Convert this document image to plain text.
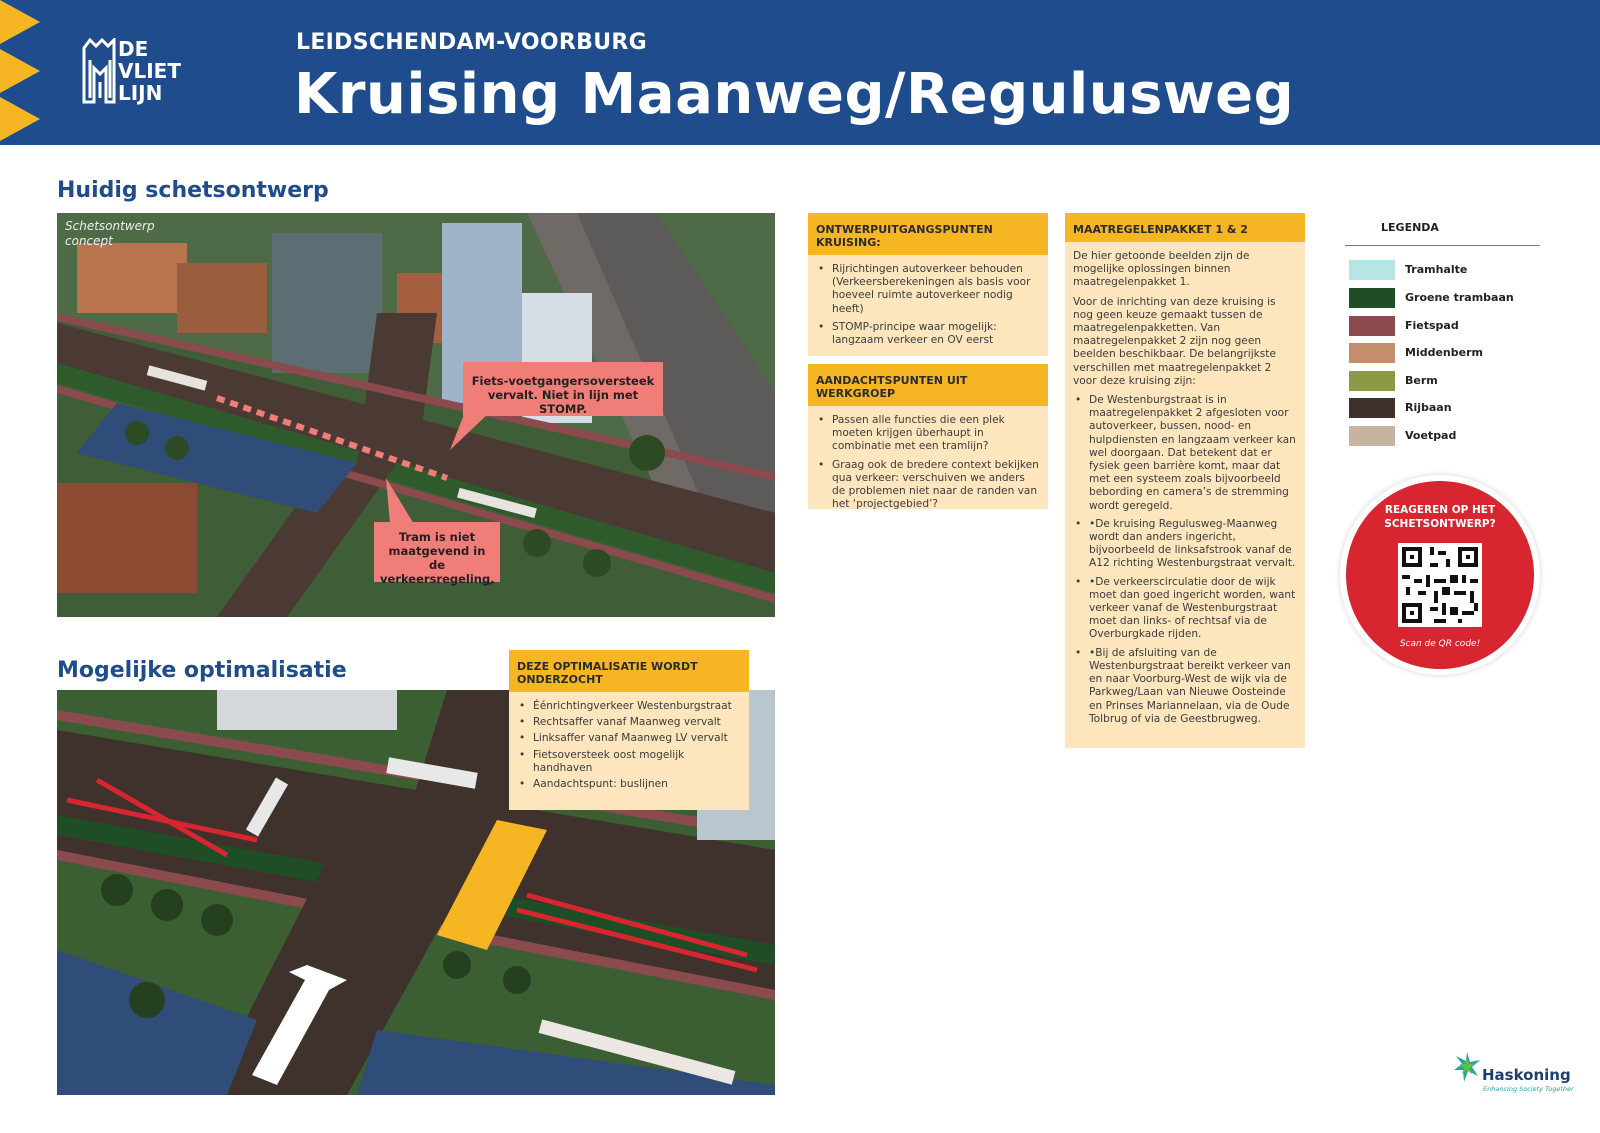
DE
VLIET
LIJN
LEIDSCHENDAM-VOORBURG
Kruising Maanweg/Regulusweg
Huidig schetsontwerp
Schetsontwerp
concept
Fiets-voetgangersoversteek vervalt. Niet in lijn met STOMP.
Tram is niet maatgevend in de verkeersregeling.
Mogelijke optimalisatie	DEZE OPTIMALISATIE WORDT ONDERZOCHT
• Éénrichtingverkeer Westenburgstraat
• Rechtsaffer vanaf Maanweg vervalt
• Linksaffer vanaf Maanweg LV vervalt
• Fietsoversteek oost mogelijk handhaven
• Aandachtspunt: buslijnen
ONTWERPUITGANGSPUNTEN KRUISING:
• Rijrichtingen autoverkeer behouden (Verkeersberekeningen als basis voor hoeveel ruimte autoverkeer nodig heeft)
• STOMP-principe waar mogelijk: langzaam verkeer en OV eerst
AANDACHTSPUNTEN UIT WERKGROEP
• Passen alle functies die een plek moeten krijgen überhaupt in combinatie met een tramlijn?
• Graag ook de bredere context bekijken qua verkeer: verschuiven we anders de problemen niet naar de randen van het ‘projectgebied’?
MAATREGELENPAKKET 1 & 2

De hier getoonde beelden zijn de mogelijke oplossingen binnen maatregelenpakket 1.

Voor de inrichting van deze kruising is nog geen keuze gemaakt tussen de maatregelenpakketten. Van maatregelenpakket 2 zijn nog geen beelden beschikbaar. De belangrijkste verschillen met maatregelenpakket 2 voor deze kruising zijn:

• De Westenburgstraat is in maatregelenpakket 2 afgesloten voor autoverkeer, bussen, nood- en hulpdiensten en langzaam verkeer kan wel doorgaan. Dat betekent dat er fysiek geen barrière komt, maar dat met een systeem zoals bijvoorbeeld bebording en camera’s de stremming wordt geregeld.
• •De kruising Regulusweg-Maanweg wordt dan anders ingericht, bijvoorbeeld de linksafstrook vanaf de A12 richting Westenburgstraat vervalt.
• •De verkeerscirculatie door de wijk moet dan goed ingericht worden, want verkeer vanaf de Westenburgstraat moet dan links- of rechtsaf via de Overburgkade rijden.
• •Bij de afsluiting van de Westenburgstraat bereikt verkeer van en naar Voorburg-West de wijk via de Parkweg/Laan van Nieuwe Oosteinde en Prinses Mariannelaan, via de Oude Tolbrug of via de Geestbrugweg.
LEGENDA
Tramhalte
Groene trambaan
Fietspad
Middenberm
Berm
Rijbaan
Voetpad
REAGEREN OP HET SCHETSONTWERP?
Scan de QR code!
Haskoning
Enhancing Society Together
